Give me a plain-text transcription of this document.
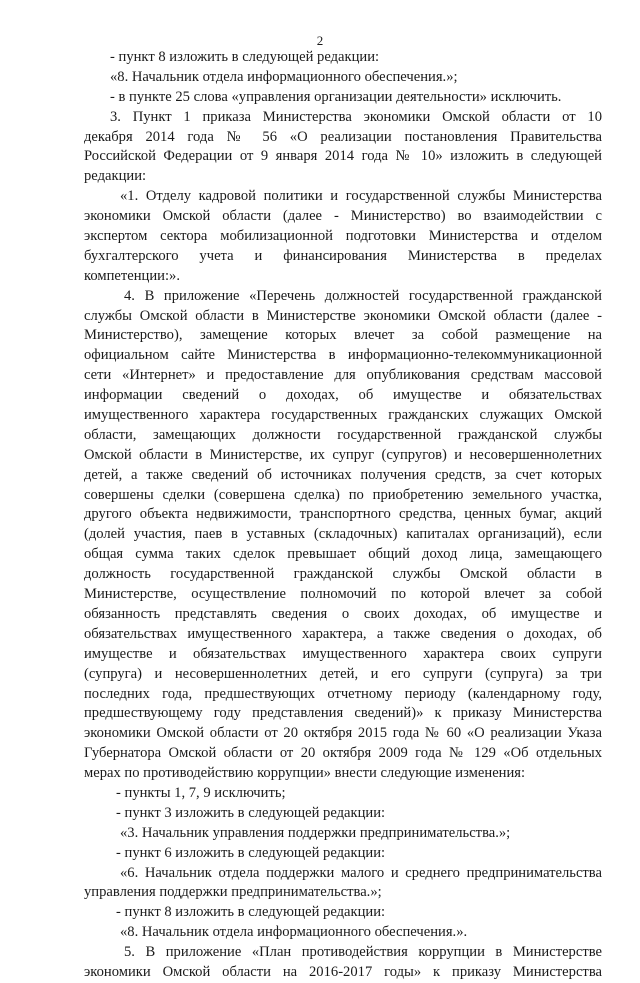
2
- пункт 8 изложить в следующей редакции:
«8. Начальник отдела информационного обеспечения.»;
- в пункте 25 слова «управления организации деятельности» исключить.
3. Пункт 1 приказа Министерства экономики Омской области от 10
декабря 2014 года № 56 «О реализации постановления Правительства
Российской Федерации от 9 января 2014 года № 10» изложить в следующей
редакции:
«1. Отделу кадровой политики и государственной службы Министерства
экономики Омской области (далее - Министерство) во взаимодействии с
экспертом сектора мобилизационной подготовки Министерства и отделом
бухгалтерского учета и финансирования Министерства в пределах
компетенции:».
4. В приложение «Перечень должностей государственной гражданской
службы Омской области в Министерстве экономики Омской области (далее -
Министерство), замещение которых влечет за собой размещение на
официальном сайте Министерства в информационно-телекоммуникационной
сети «Интернет» и предоставление для опубликования средствам массовой
информации сведений о доходах, об имуществе и обязательствах
имущественного характера государственных гражданских служащих Омской
области, замещающих должности государственной гражданской службы
Омской области в Министерстве, их супруг (супругов) и несовершеннолетних
детей, а также сведений об источниках получения средств, за счет которых
совершены сделки (совершена сделка) по приобретению земельного участка,
другого объекта недвижимости, транспортного средства, ценных бумаг, акций
(долей участия, паев в уставных (складочных) капиталах организаций), если
общая сумма таких сделок превышает общий доход лица, замещающего
должность государственной гражданской службы Омской области в
Министерстве, осуществление полномочий по которой влечет за собой
обязанность представлять сведения о своих доходах, об имуществе и
обязательствах имущественного характера, а также сведения о доходах, об
имуществе и обязательствах имущественного характера своих супруги
(супруга) и несовершеннолетних детей, и его супруги (супруга) за три
последних года, предшествующих отчетному периоду (календарному году,
предшествующему году представления сведений)» к приказу Министерства
экономики Омской области от 20 октября 2015 года № 60 «О реализации Указа
Губернатора Омской области от 20 октября 2009 года № 129 «Об отдельных
мерах по противодействию коррупции» внести следующие изменения:
- пункты 1, 7, 9 исключить;
- пункт 3 изложить в следующей редакции:
«3. Начальник управления поддержки предпринимательства.»;
- пункт 6 изложить в следующей редакции:
«6. Начальник отдела поддержки малого и среднего предпринимательства
управления поддержки предпринимательства.»;
- пункт 8 изложить в следующей редакции:
«8. Начальник отдела информационного обеспечения.».
5. В приложение «План противодействия коррупции в Министерстве
экономики Омской области на 2016-2017 годы» к приказу Министерства
